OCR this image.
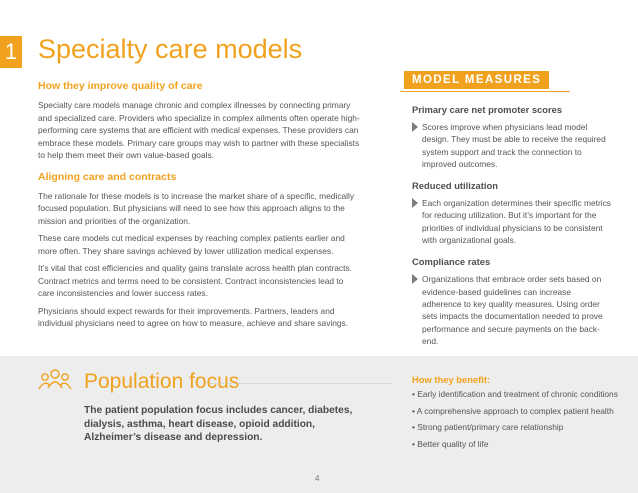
1 Specialty care models
How they improve quality of care

Specialty care models manage chronic and complex illnesses by connecting primary and specialized care. Providers who specialize in complex ailments often operate high-performing care systems that are efficient with medical expenses. These providers can embrace these models. Primary care groups may wish to partner with these specialists to help them meet their own value-based goals.

Aligning care and contracts

The rationale for these models is to increase the market share of a specific, medically focused population. But physicians will need to see how this approach aligns to the mission and priorities of the organization.

These care models cut medical expenses by reaching complex patients earlier and more often. They share savings achieved by lower utilization medical expenses.

It’s vital that cost efficiencies and quality gains translate across health plan contracts. Contract metrics and terms need to be consistent. Contract inconsistencies lead to care inconsistencies and lower success rates.

Physicians should expect rewards for their improvements. Partners, leaders and individual physicians need to agree on how to measure, achieve and share savings.

MODEL MEASURES
Primary care net promoter scores
Scores improve when physicians lead model design. They must be able to receive the required system support and track the connection to improved outcomes.
Reduced utilization
Each organization determines their specific metrics for reducing utilization. But it’s important for the priorities of individual physicians to be consistent with organizational goals.
Compliance rates
Organizations that embrace order sets based on evidence-based guidelines can increase adherence to key quality measures. Using order sets impacts the documentation needed to prove performance and secure payments on the back-end.
Population focus
The patient population focus includes cancer, diabetes, dialysis, asthma, heart disease, opioid addition, Alzheimer’s disease and depression.
How they benefit:
• Early identification and treatment of chronic conditions
• A comprehensive approach to complex patient health
• Strong patient/primary care relationship
• Better quality of life
4
